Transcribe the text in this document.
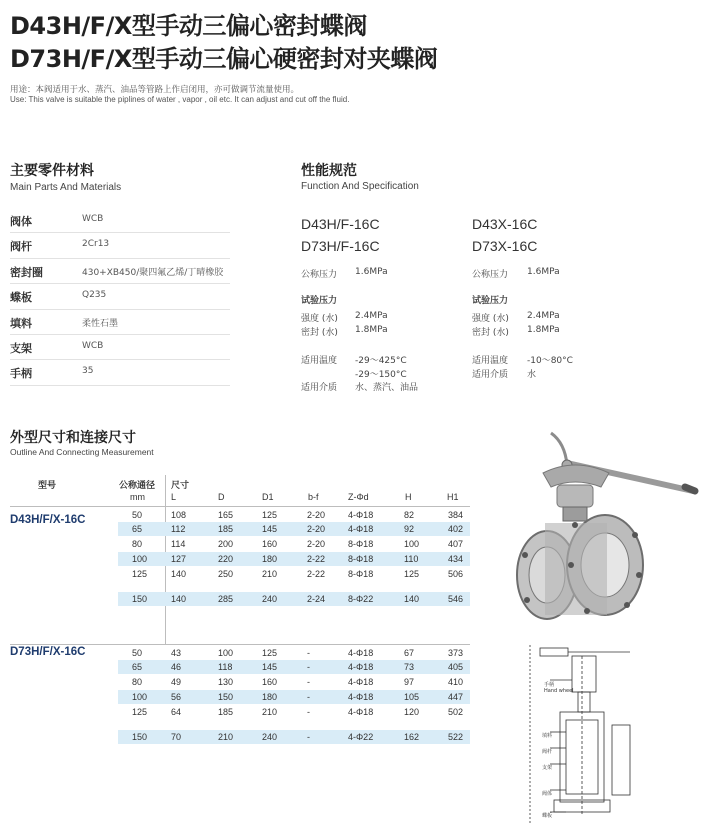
D43H/F/X型手动三偏心密封蝶阀
D73H/F/X型手动三偏心硬密封对夹蝶阀
用途：本阀适用于水、蒸汽、油品等管路上作启闭用，亦可做调节流量使用。
Use: This valve is suitable the piplines of water , vapor , oil etc. It can adjust and cut off the fluid.
主要零件材料
Main Parts And Materials
阀体	WCB
阀杆	2Cr13
密封圈	430+XB450/聚四氟乙烯/丁晴橡胶
蝶板	Q235
填料	柔性石墨
支架	WCB
手柄	35
性能规范
Function And Specification
D43H/F-16C
D73H/F-16C
公称压力 1.6MPa
试验压力
强度 (水) 2.4MPa
密封 (水) 1.8MPa
适用温度 -29～425°C
-29～150°C
适用介质 水、蒸汽、油品
D43X-16C
D73X-16C
公称压力 1.6MPa
试验压力
强度 (水) 2.4MPa
密封 (水) 1.8MPa
适用温度 -10～80°C
适用介质 水
外型尺寸和连接尺寸
Outline And Connecting Measurement
型号	公称通径
mm
尺寸
L	D	D1	b-f	Z-Φd	H	H1
D43H/F/X-16C
D73H/F/X-16C
50	108	165	125	2-20	4-Φ18	82	384
65	112	185	145	2-20	4-Φ18	92	402
80	114	200	160	2-20	8-Φ18	100	407
100	127	220	180	2-22	8-Φ18	110	434
125	140	250	210	2-22	8-Φ18	125	506
150	140	285	240	2-24	8-Φ22	140	546
50	43	100	125	-	4-Φ18	67	373
65	46	118	145	-	4-Φ18	73	405
80	49	130	160	-	4-Φ18	97	410
100	56	150	180	-	4-Φ18	105	447
125	64	185	210	-	4-Φ18	120	502
150	70	210	240	-	4-Φ22	162	522
手柄
Hand wheel
填料
阀杆
支架
阀体
蝶板
